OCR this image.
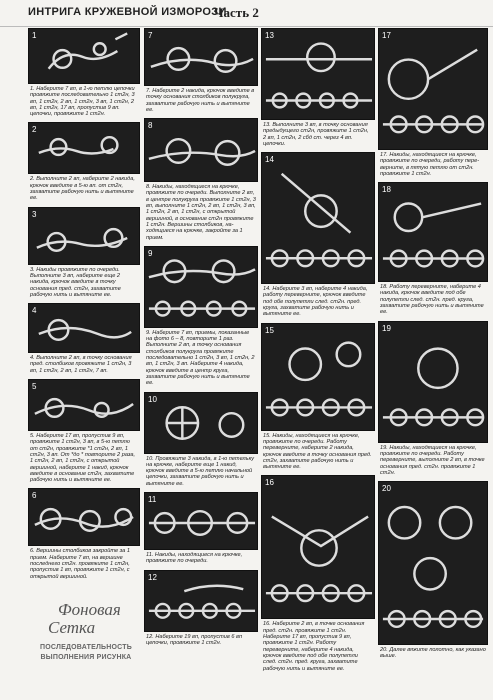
ИНТРИГА КРУЖЕВНОЙ ИЗМОРОЗИ
Часть 2
1
1. Наберите 7 вп, в 1-ю петлю цепочки провяжите последовательно 1 ст2н, 3 вп, 1 ст2н, 2 вп, 1 ст2н, 3 вп, 1 ст2н, 2 вп, 1 ст2н, 17 вп, пропустив 9 вп. цепочки, провяжите 1 ст2н.
2
2. Выполните 2 вп, наберите 2 накида, крючок введите в 5-ю вп. от ст2н, захватите рабочую нить и вытяните ее.
3
3. Накиды провяжите по очереди. Выполните 3 вп, наберите еще 2 накида, крючок введите в точку основания пред. ст2н, захватите рабочую нить и вытяните ее.
4
4. Выполните 2 вп, в точку основания пред. столбиков провяжите 1 ст2н, 3 вп, 1 ст2н, 2 вп, 1 ст2н, 7 вп.
5
5. Наберите 17 вп, пропустив 9 вп, провяжите 1 ст2н, 3 вп, в 5-ю петлю от ст2н, провяжите *1 ст2н, 2 вп, 1 ст2н, 3 вп. От *до * повторите 2 раза, 1 ст2н, 2 вп, 1 ст2н, с открытой вершиной, наберите 1 накид, крючок введите в основание ст2н, захватите рабочую нить и вытяните ее.
6
6. Вершины столбиков закройте за 1 прием. Наберите 7 вп, на вершине последнего ст2н. провяжите 1 ст2н, пропустив 1 вп, провяжите 1 ст2н, с открытой вершиной.
Фоновая
Сетка
ПОСЛЕДОВАТЕЛЬНОСТЬ
ВЫПОЛНЕНИЯ РИСУНКА
7
7. Наберите 2 накида, крючок введите в точку основания столбиков полукруга, захватите рабочую нить и вытяните ее.
8
8. Накиды, находящиеся на крючке, провяжите по очереди. Выполните 2 вп, в центре полукруга провяжите 1 ст2н, 3 вп, выполните 1 ст2н, 2 вп, 1 ст2н, 3 вп, 1 ст2н, 2 вп, 1 ст2н, с открытой вершиной, в основание ст2н провяжите 1 ст2н. Вершины столбиков, находящиеся на крючке, закройте за 1 прием.
9
9. Наберите 7 вп, приемы, показанные на фото 6 – 8, повторите 1 раз. Выполните 2 вп, в точку основания столбиков полукруга провяжите последовательно 1 ст2н, 3 вп, 1 ст2н, 2 вп, 1 ст2н, 3 вп. Наберите 4 накида, крючок введите в центр круга, захватите рабочую нить и вытяните ее.
10
10. Провяжите 3 накида, в 1-ю петельку на крючке, наберите еще 1 накид, крючок введите в 5-ю петлю начальной цепочки, захватите рабочую нить и вытяните ее.
11
11. Накиды, находящиеся на крючке, провяжите по очереди.
12
12. Наберите 19 вп, пропустив 6 вп цепочки, провяжите 1 ст2н.
13
13. Выполните 3 вп, в точку основания предыдущего ст2н, провяжите 1 ст2н, 2 вп, 1 ст2н, 2 сбд ст. через 4 вп. цепочки.
14
14. Наберите 3 вп, наберите 4 накида, работу переверните, крючок введите под обе полупетли след. ст2н. пред. круга, захватите рабочую нить и вытяните ее.
15
15. Накиды, находящиеся на крючке, провяжите по очереди. Работу переверните, наберите 2 накида, крючок введите в точку основания пред. ст2н, захватите рабочую нить и вытяните ее.
16
16. Наберите 2 вп, в точке основания пред. ст2н. провяжите 1 ст2н. Наберите 17 вп, пропустив 9 вп, провяжите 1 ст2н. Работу переверните, наберите 4 накида, крючок введите под обе полупетли след. ст2н. пред. круга, захватите рабочую нить и вытяните ее.
17
17. Накиды, находящиеся на крючке, провяжите по очереди, работу переверните, в пятую петлю от ст2н. провяжите 1 ст2н.
18
18. Работу переверните, наберите 4 накида, крючок введите под обе полупетли след. ст2н. пред. круга, захватите рабочую нить и вытяните ее.
19
19. Накиды, находящиеся на крючке, провяжите по очереди. Работу переверните, выполните 2 вп, в точке основания пред. ст2н. провяжите 1 ст2н.
20
20. Далее вяжите полотно, как указано выше.
